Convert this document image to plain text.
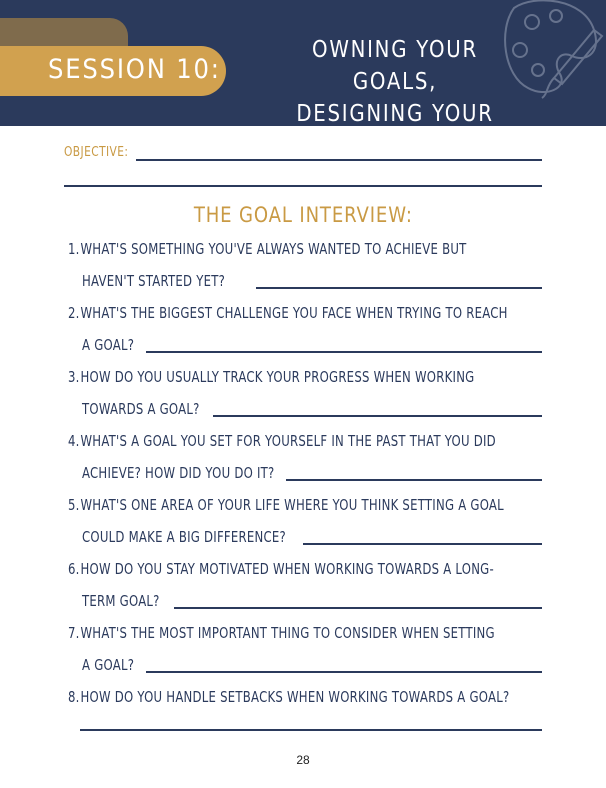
SESSION 10:
OWNING YOUR GOALS,
DESIGNING YOUR FUTURE
OBJECTIVE:
THE GOAL INTERVIEW:
1.WHAT'S SOMETHING YOU'VE ALWAYS WANTED TO ACHIEVE BUT
HAVEN'T STARTED YET?
2.WHAT'S THE BIGGEST CHALLENGE YOU FACE WHEN TRYING TO REACH
A GOAL?
3.HOW DO YOU USUALLY TRACK YOUR PROGRESS WHEN WORKING
TOWARDS A GOAL?
4.WHAT'S A GOAL YOU SET FOR YOURSELF IN THE PAST THAT YOU DID
ACHIEVE? HOW DID YOU DO IT?
5.WHAT'S ONE AREA OF YOUR LIFE WHERE YOU THINK SETTING A GOAL
COULD MAKE A BIG DIFFERENCE?
6.HOW DO YOU STAY MOTIVATED WHEN WORKING TOWARDS A LONG-
TERM GOAL?
7.WHAT'S THE MOST IMPORTANT THING TO CONSIDER WHEN SETTING
A GOAL?
8.HOW DO YOU HANDLE SETBACKS WHEN WORKING TOWARDS A GOAL?
28
